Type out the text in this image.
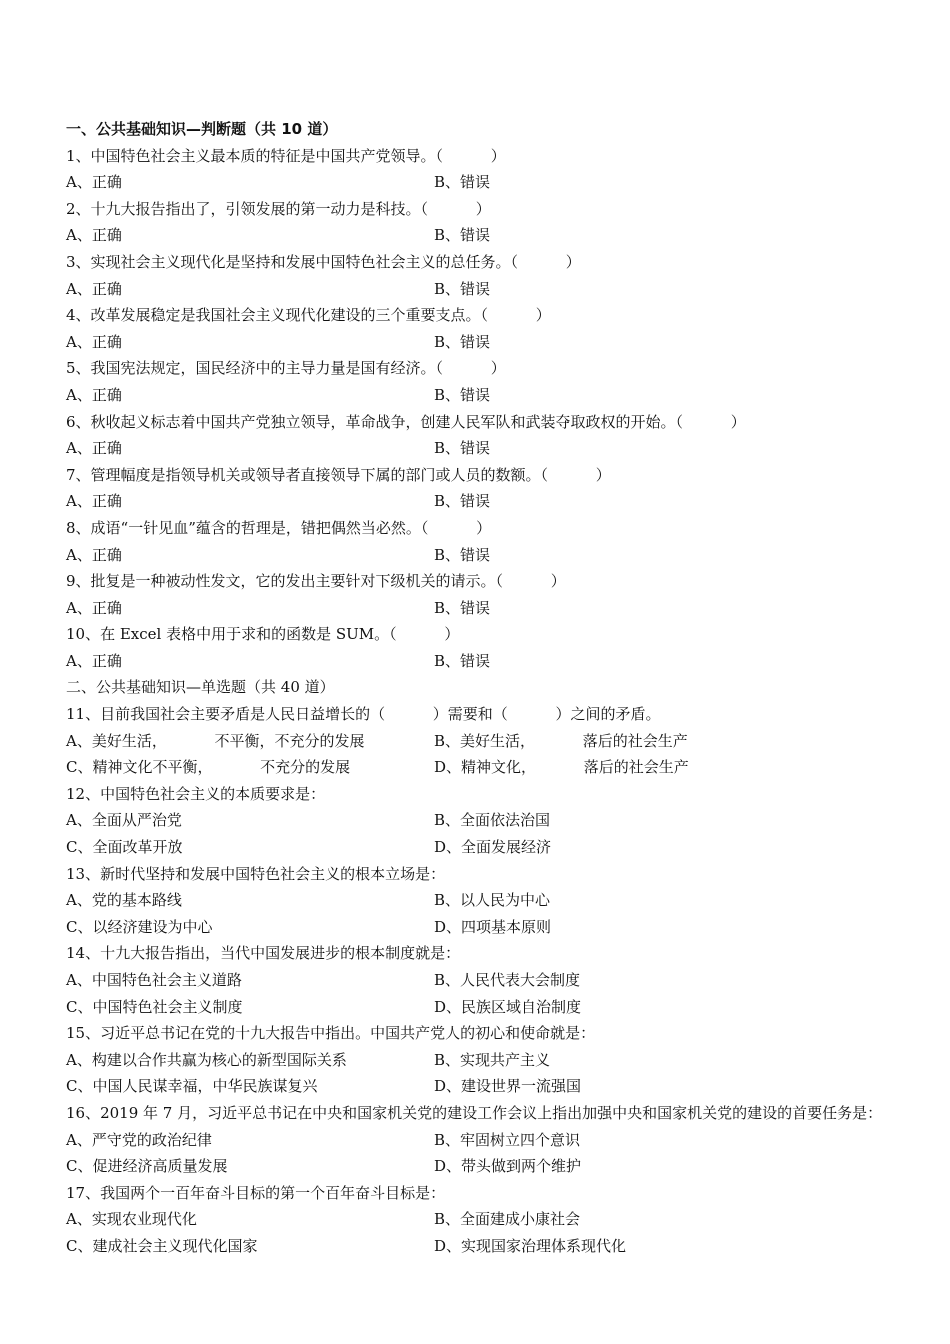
一、公共基础知识—判断题（共 10 道）
1、中国特色社会主义最本质的特征是中国共产党领导。（          ）
A、正确	B、错误
2、十九大报告指出了，引领发展的第一动力是科技。（          ）
A、正确	B、错误
3、实现社会主义现代化是坚持和发展中国特色社会主义的总任务。（          ）
A、正确	B、错误
4、改革发展稳定是我国社会主义现代化建设的三个重要支点。（          ）
A、正确	B、错误
5、我国宪法规定，国民经济中的主导力量是国有经济。（          ）
A、正确	B、错误
6、秋收起义标志着中国共产党独立领导，革命战争，创建人民军队和武装夺取政权的开始。（          ）
A、正确	B、错误
7、管理幅度是指领导机关或领导者直接领导下属的部门或人员的数额。（          ）
A、正确	B、错误
8、成语“一针见血”蕴含的哲理是，错把偶然当必然。（          ）
A、正确	B、错误
9、批复是一种被动性发文，它的发出主要针对下级机关的请示。（          ）
A、正确	B、错误
10、在 Excel 表格中用于求和的函数是 SUM。（          ）
A、正确	B、错误
二、公共基础知识—单选题（共 40 道）
11、目前我国社会主要矛盾是人民日益增长的（          ）需要和（          ）之间的矛盾。
A、美好生活，          不平衡，不充分的发展	B、美好生活，          落后的社会生产
C、精神文化不平衡，          不充分的发展	D、精神文化，          落后的社会生产
12、中国特色社会主义的本质要求是：
A、全面从严治党	B、全面依法治国
C、全面改革开放	D、全面发展经济
13、新时代坚持和发展中国特色社会主义的根本立场是：
A、党的基本路线	B、以人民为中心
C、以经济建设为中心	D、四项基本原则
14、十九大报告指出，当代中国发展进步的根本制度就是：
A、中国特色社会主义道路	B、人民代表大会制度
C、中国特色社会主义制度	D、民族区域自治制度
15、习近平总书记在党的十九大报告中指出。中国共产党人的初心和使命就是：
A、构建以合作共赢为核心的新型国际关系	B、实现共产主义
C、中国人民谋幸福，中华民族谋复兴	D、建设世界一流强国
16、2019 年 7 月，习近平总书记在中央和国家机关党的建设工作会议上指出加强中央和国家机关党的建设的首要任务是：
A、严守党的政治纪律	B、牢固树立四个意识
C、促进经济高质量发展	D、带头做到两个维护
17、我国两个一百年奋斗目标的第一个百年奋斗目标是：
A、实现农业现代化	B、全面建成小康社会
C、建成社会主义现代化国家	D、实现国家治理体系现代化
